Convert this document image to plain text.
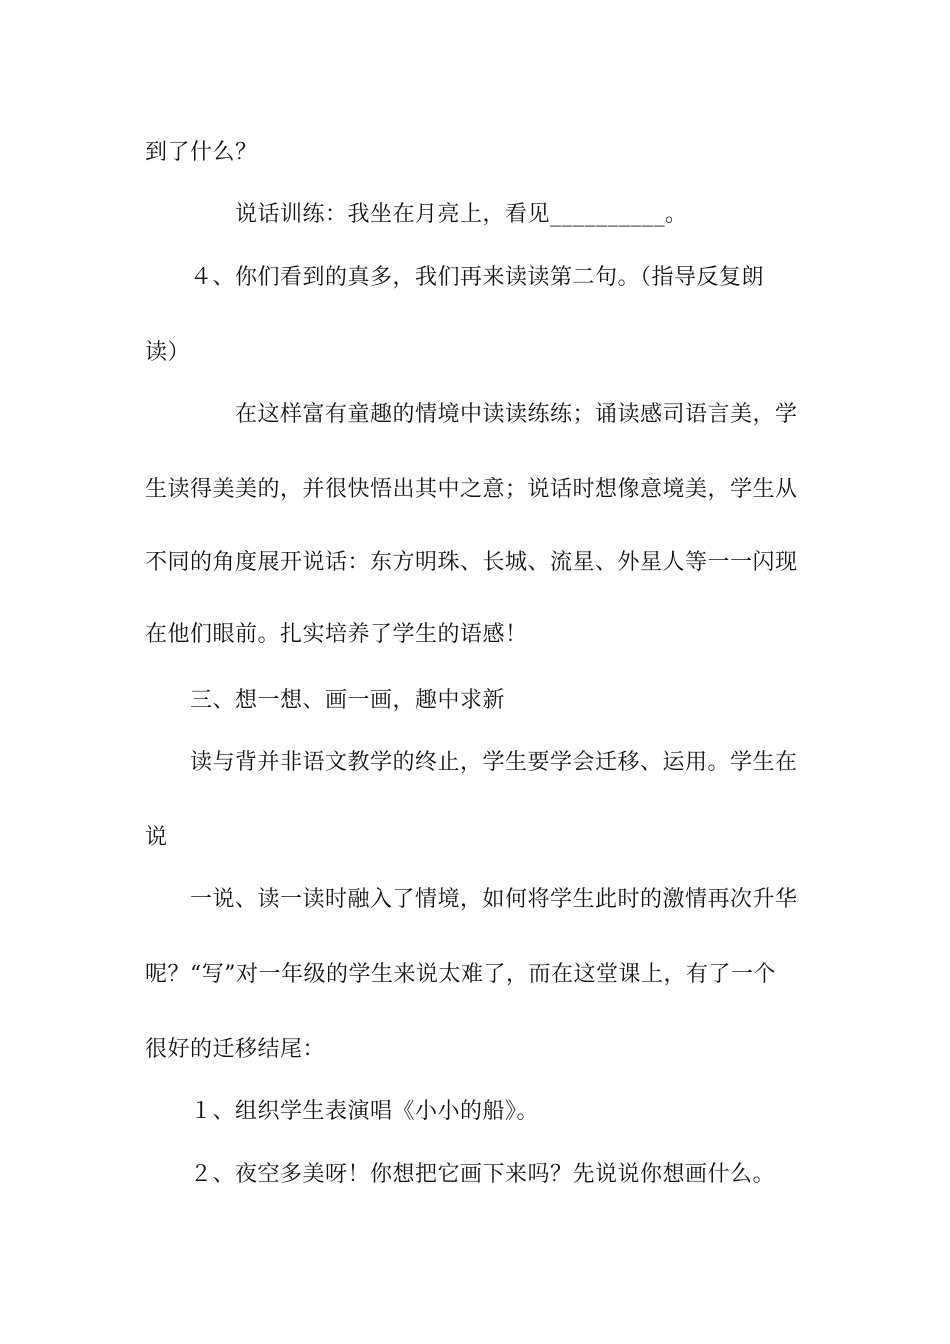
到了什么？
说话训练：我坐在月亮上，看见__________。
４、你们看到的真多，我们再来读读第二句。（指导反复朗
读）
在这样富有童趣的情境中读读练练；诵读感司语言美，学
生读得美美的，并很快悟出其中之意；说话时想像意境美，学生从
不同的角度展开说话：东方明珠、长城、流星、外星人等一一闪现
在他们眼前。扎实培养了学生的语感！
三、想一想、画一画，趣中求新
读与背并非语文教学的终止，学生要学会迁移、运用。学生在
说
一说、读一读时融入了情境，如何将学生此时的激情再次升华
呢？“写”对一年级的学生来说太难了，而在这堂课上，有了一个
很好的迁移结尾：
１、组织学生表演唱《小小的船》。
２、夜空多美呀！你想把它画下来吗？先说说你想画什么。
